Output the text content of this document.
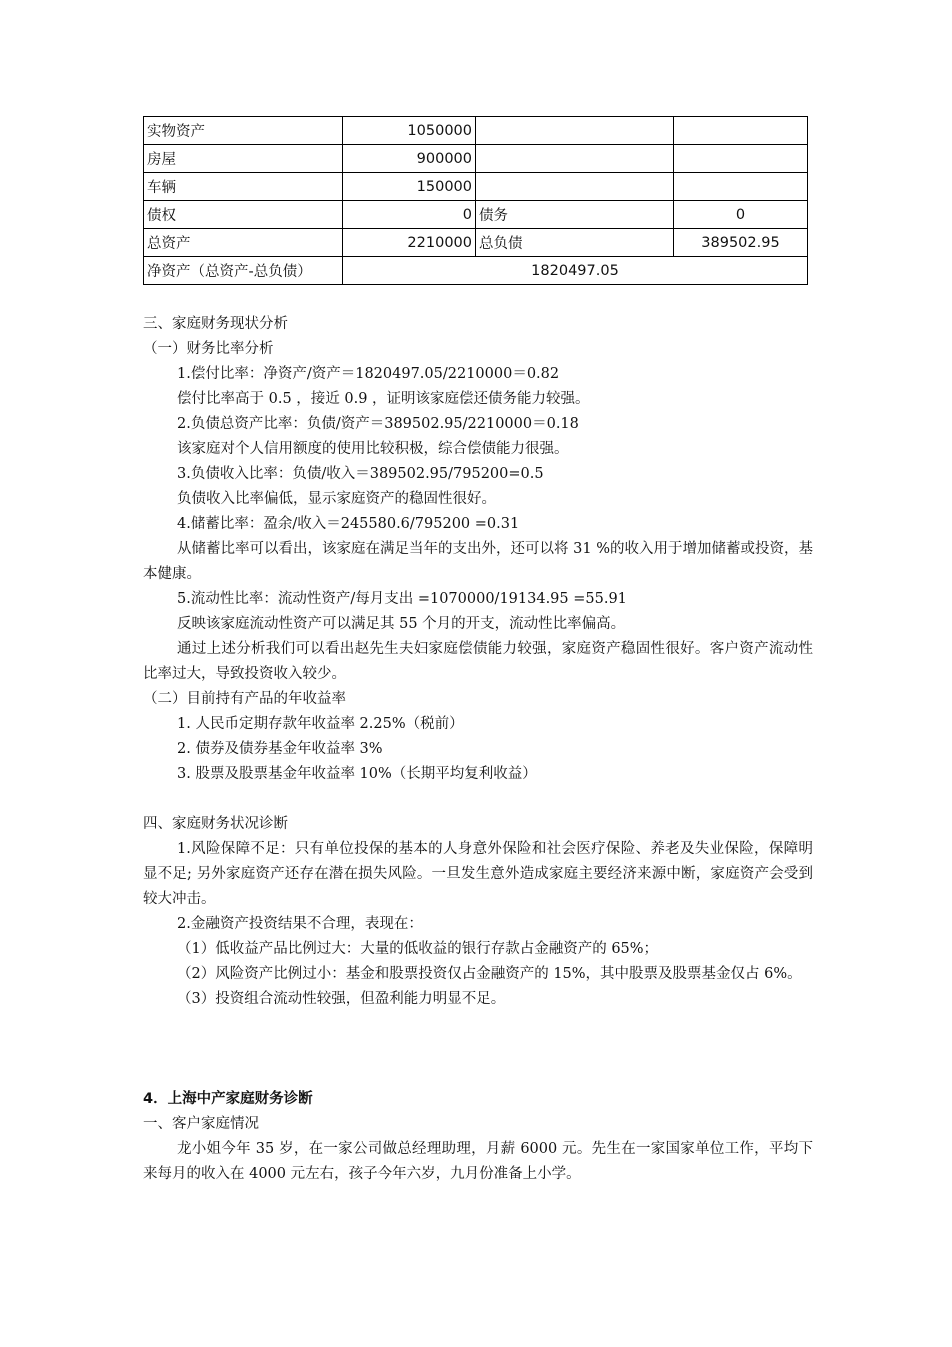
实物资产	1050000		
房屋	900000		
车辆	150000		
债权	0	债务	0
总资产	2210000	总负债	389502.95
净资产（总资产-总负债）	1820497.05		
三、家庭财务现状分析
（一）财务比率分析
1.偿付比率：净资产/资产＝1820497.05/2210000＝0.82
偿付比率高于 0.5 ，接近 0.9 ，证明该家庭偿还债务能力较强。
2.负债总资产比率：负债/资产＝389502.95/2210000＝0.18
该家庭对个人信用额度的使用比较积极，综合偿债能力很强。
3.负债收入比率：负债/收入＝389502.95/795200=0.5
负债收入比率偏低，显示家庭资产的稳固性很好。
4.储蓄比率：盈余/收入＝245580.6/795200 =0.31
从储蓄比率可以看出，该家庭在满足当年的支出外，还可以将 31 %的收入用于增加储蓄或投资，基本健康。
5.流动性比率：流动性资产/每月支出 =1070000/19134.95 =55.91
反映该家庭流动性资产可以满足其 55 个月的开支，流动性比率偏高。
通过上述分析我们可以看出赵先生夫妇家庭偿债能力较强，家庭资产稳固性很好。客户资产流动性比率过大，导致投资收入较少。
（二）目前持有产品的年收益率
1. 人民币定期存款年收益率 2.25%（税前）
2. 债券及债券基金年收益率 3%
3. 股票及股票基金年收益率 10%（长期平均复利收益）
四、家庭财务状况诊断
1.风险保障不足：只有单位投保的基本的人身意外保险和社会医疗保险、养老及失业保险，保障明显不足; 另外家庭资产还存在潜在损失风险。一旦发生意外造成家庭主要经济来源中断，家庭资产会受到较大冲击。
2.金融资产投资结果不合理，表现在：
（1）低收益产品比例过大：大量的低收益的银行存款占金融资产的 65%；
（2）风险资产比例过小：基金和股票投资仅占金融资产的 15%，其中股票及股票基金仅占 6%。
（3）投资组合流动性较强，但盈利能力明显不足。
4．上海中产家庭财务诊断
一、客户家庭情况
龙小姐今年 35 岁，在一家公司做总经理助理，月薪 6000 元。先生在一家国家单位工作，平均下来每月的收入在 4000 元左右，孩子今年六岁，九月份准备上小学。
